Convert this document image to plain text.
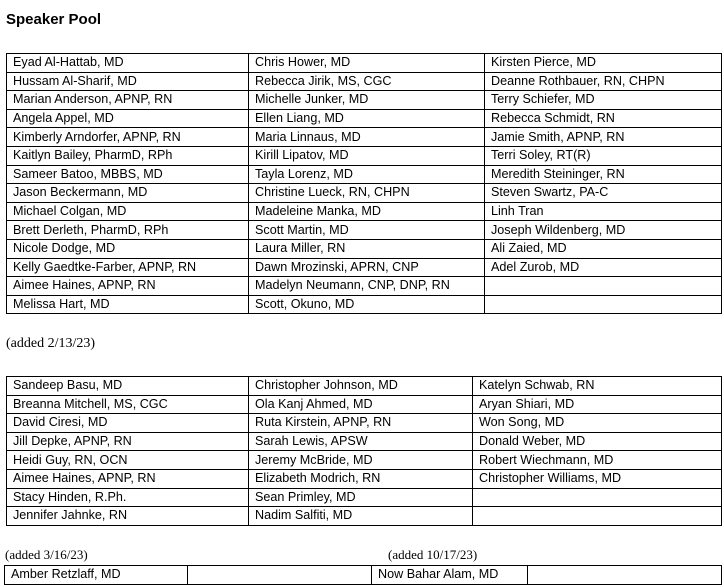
Speaker Pool
Eyad Al-Hattab, MD	Chris Hower, MD	Kirsten Pierce, MD
Hussam Al-Sharif, MD	Rebecca Jirik, MS, CGC	Deanne Rothbauer, RN, CHPN
Marian Anderson, APNP, RN	Michelle Junker, MD	Terry Schiefer, MD
Angela Appel, MD	Ellen Liang, MD	Rebecca Schmidt, RN
Kimberly Arndorfer, APNP, RN	Maria Linnaus, MD	Jamie Smith, APNP, RN
Kaitlyn Bailey, PharmD, RPh	Kirill Lipatov, MD	Terri Soley, RT(R)
Sameer Batoo, MBBS, MD	Tayla Lorenz, MD	Meredith Steininger, RN
Jason Beckermann, MD	Christine Lueck, RN, CHPN	Steven Swartz, PA-C
Michael Colgan, MD	Madeleine Manka, MD	Linh Tran
Brett Derleth, PharmD, RPh	Scott Martin, MD	Joseph Wildenberg, MD
Nicole Dodge, MD	Laura Miller, RN	Ali Zaied, MD
Kelly Gaedtke-Farber, APNP, RN	Dawn Mrozinski, APRN, CNP	Adel Zurob, MD
Aimee Haines, APNP, RN	Madelyn Neumann, CNP, DNP, RN	
Melissa Hart, MD	Scott, Okuno, MD	
(added 2/13/23)
Sandeep Basu, MD	Christopher Johnson, MD	Katelyn Schwab, RN
Breanna Mitchell, MS, CGC	Ola Kanj Ahmed, MD	Aryan Shiari, MD
David Ciresi, MD	Ruta Kirstein, APNP, RN	Won Song, MD
Jill Depke, APNP, RN	Sarah Lewis, APSW	Donald Weber, MD
Heidi Guy, RN, OCN	Jeremy McBride, MD	Robert Wiechmann, MD
Aimee Haines, APNP, RN	Elizabeth Modrich, RN	Christopher Williams, MD
Stacy Hinden, R.Ph.	Sean Primley, MD	
Jennifer Jahnke, RN	Nadim Salfiti, MD	
(added 3/16/23)	(added 10/17/23)
Amber Retzlaff, MD		Now Bahar Alam, MD	
